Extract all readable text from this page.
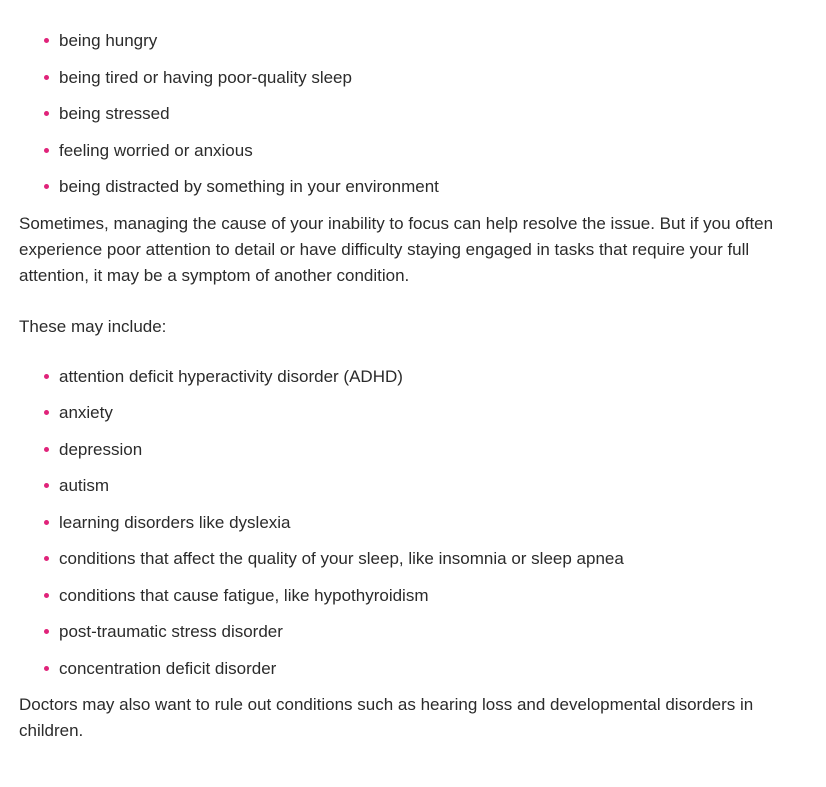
being hungry
being tired or having poor-quality sleep
being stressed
feeling worried or anxious
being distracted by something in your environment

Sometimes, managing the cause of your inability to focus can help resolve the issue. But if you often experience poor attention to detail or have difficulty staying engaged in tasks that require your full attention, it may be a symptom of another condition.

These may include:

attention deficit hyperactivity disorder (ADHD)
anxiety
depression
autism
learning disorders like dyslexia
conditions that affect the quality of your sleep, like insomnia or sleep apnea
conditions that cause fatigue, like hypothyroidism
post-traumatic stress disorder
concentration deficit disorder

Doctors may also want to rule out conditions such as hearing loss and developmental disorders in children.
